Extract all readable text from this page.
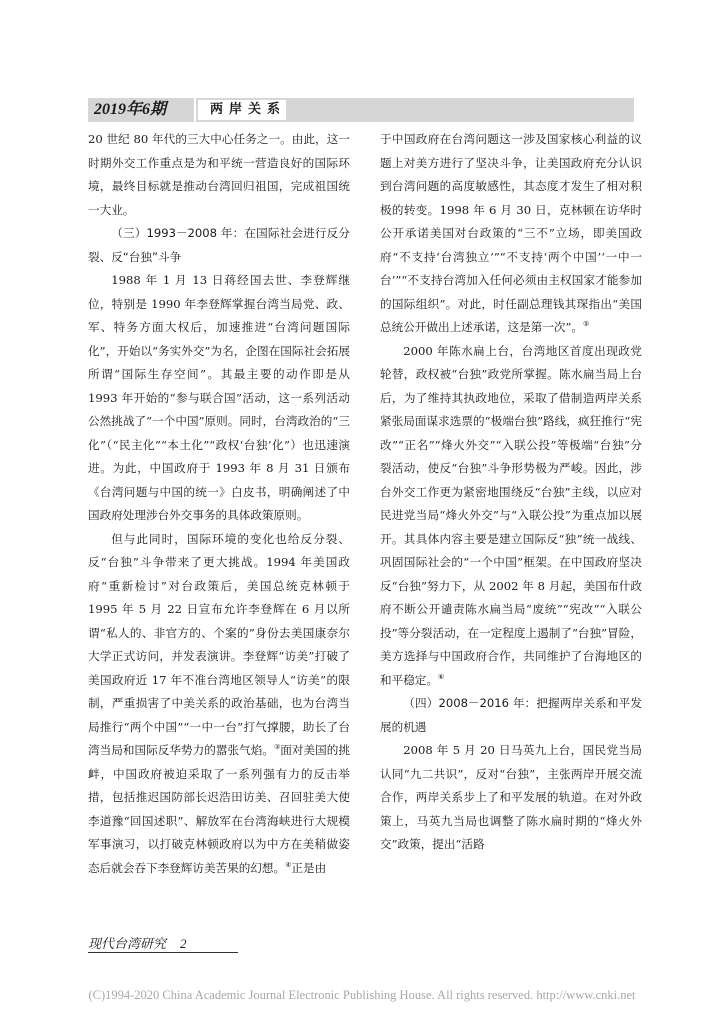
2019年6期	两岸关系

20 世纪 80 年代的三大中心任务之一。由此，这一时期外交工作重点是为和平统一营造良好的国际环境，最终目标就是推动台湾回归祖国，完成祖国统一大业。

（三）1993－2008 年：在国际社会进行反分裂、反“台独”斗争

1988 年 1 月 13 日蒋经国去世、李登辉继位，特别是 1990 年李登辉掌握台湾当局党、政、军、特务方面大权后，加速推进“台湾问题国际化”，开始以“务实外交”为名，企图在国际社会拓展所谓“国际生存空间”。其最主要的动作即是从 1993 年开始的“参与联合国”活动，这一系列活动公然挑战了“一个中国”原则。同时，台湾政治的“三化”（“民主化”“本土化”“政权‘台独’化”）也迅速演进。为此，中国政府于 1993 年 8 月 31 日颁布《台湾问题与中国的统一》白皮书，明确阐述了中国政府处理涉台外交事务的具体政策原则。

但与此同时，国际环境的变化也给反分裂、反“台独”斗争带来了更大挑战。1994 年美国政府“重新检讨”对台政策后，美国总统克林顿于 1995 年 5 月 22 日宣布允许李登辉在 6 月以所谓“私人的、非官方的、个案的”身份去美国康奈尔大学正式访问，并发表演讲。李登辉“访美”打破了美国政府近 17 年不准台湾地区领导人“访美”的限制，严重损害了中美关系的政治基础，也为台湾当局推行“两个中国”“一中一台”打气撑腰，助长了台湾当局和国际反华势力的嚣张气焰。③面对美国的挑衅，中国政府被迫采取了一系列强有力的反击举措，包括推迟国防部长迟浩田访美、召回驻美大使李道豫“回国述职”、解放军在台湾海峡进行大规模军事演习，以打破克林顿政府以为中方在美稍做姿态后就会吞下李登辉访美苦果的幻想。④正是由

于中国政府在台湾问题这一涉及国家核心利益的议题上对美方进行了坚决斗争，让美国政府充分认识到台湾问题的高度敏感性，其态度才发生了相对积极的转变。1998 年 6 月 30 日，克林顿在访华时公开承诺美国对台政策的“三不”立场，即美国政府“不支持‘台湾独立’”“不支持‘两个中国’‘一中一台’”“不支持台湾加入任何必须由主权国家才能参加的国际组织”。对此，时任副总理钱其琛指出“美国总统公开做出上述承诺，这是第一次”。⑤

2000 年陈水扁上台，台湾地区首度出现政党轮替，政权被“台独”政党所掌握。陈水扁当局上台后，为了维持其执政地位，采取了借制造两岸关系紧张局面谋求选票的“极端台独”路线，疯狂推行“宪改”“正名”“烽火外交”“入联公投”等极端“台独”分裂活动，使反“台独”斗争形势极为严峻。因此，涉台外交工作更为紧密地围绕反“台独”主线，以应对民进党当局“烽火外交”与“入联公投”为重点加以展开。其具体内容主要是建立国际反“独”统一战线、巩固国际社会的“一个中国”框架。在中国政府坚决反“台独”努力下，从 2002 年 8 月起，美国布什政府不断公开谴责陈水扁当局“废统”“宪改”“入联公投”等分裂活动，在一定程度上遏制了“台独”冒险，美方选择与中国政府合作，共同维护了台海地区的和平稳定。⑥

（四）2008－2016 年：把握两岸关系和平发展的机遇

2008 年 5 月 20 日马英九上台，国民党当局认同“九二共识”，反对“台独”，主张两岸开展交流合作，两岸关系步上了和平发展的轨道。在对外政策上，马英九当局也调整了陈水扁时期的“烽火外交”政策，提出“活路

现代台湾研究 2
(C)1994-2020 China Academic Journal Electronic Publishing House. All rights reserved. http://www.cnki.net
